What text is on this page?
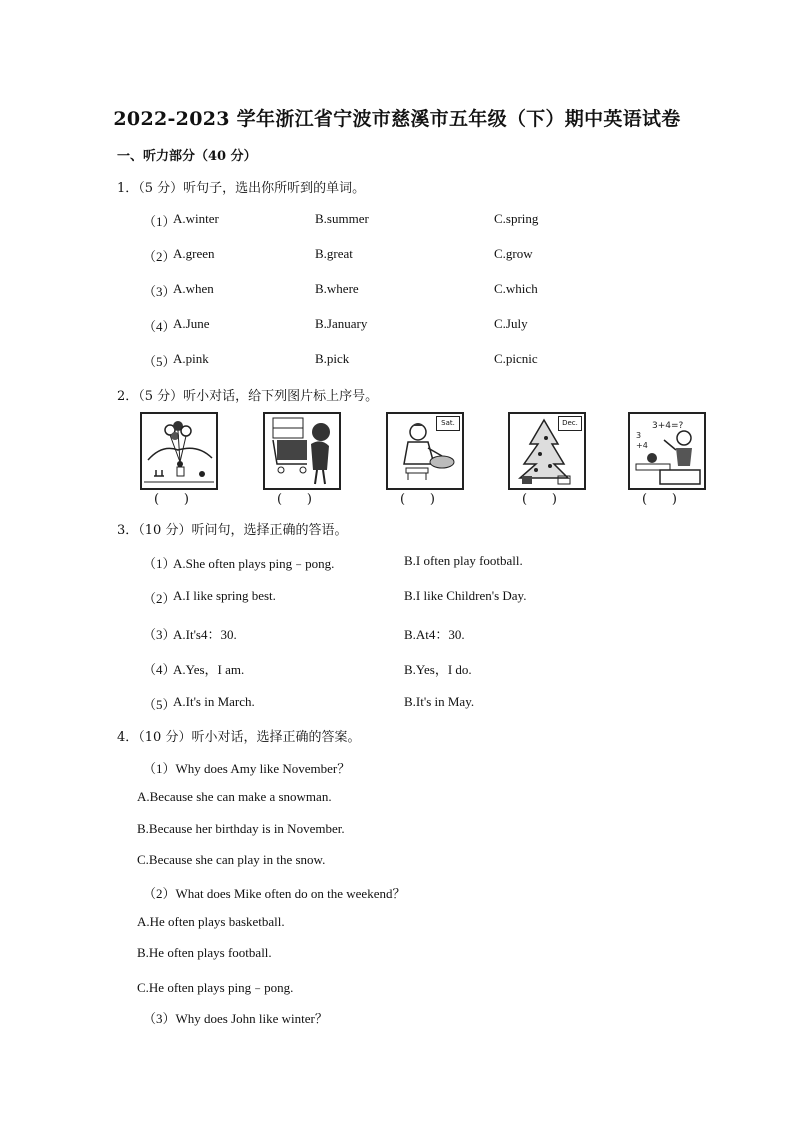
2022-2023 学年浙江省宁波市慈溪市五年级（下）期中英语试卷
一、听力部分（40 分）
1．（5 分）听句子，选出你所听到的单词。
（1）
A.winter	B.summer	C.spring
（2）
A.green	B.great	C.grow
（3）
A.when	B.where	C.which
（4）
A.June	B.January	C.July
（5）
A.pink	B.pick	C.picnic
2．（5 分）听小对话，给下列图片标上序号。
Sat.	Dec.	3+4=?
3
+4
(      )	(      )	(      )	(      )	(      )
3．（10 分）听问句，选择正确的答语。
（1）
A.She often plays ping﹣pong.	B.I often play football.
（2）
A.I like spring best.	B.I like Children's Day.
（3）
A.It's4：30.	B.At4：30.
（4）
A.Yes，I am.	B.Yes，I do.
（5）
A.It's in March.	B.It's in May.
4．（10 分）听小对话，选择正确的答案。
（1）Why does Amy like November？
A.Because she can make a snowman.
B.Because her birthday is in November.
C.Because she can play in the snow.
（2）What does Mike often do on the weekend？
A.He often plays basketball.
B.He often plays football.
C.He often plays ping﹣pong.
（3）Why does John like winter？
